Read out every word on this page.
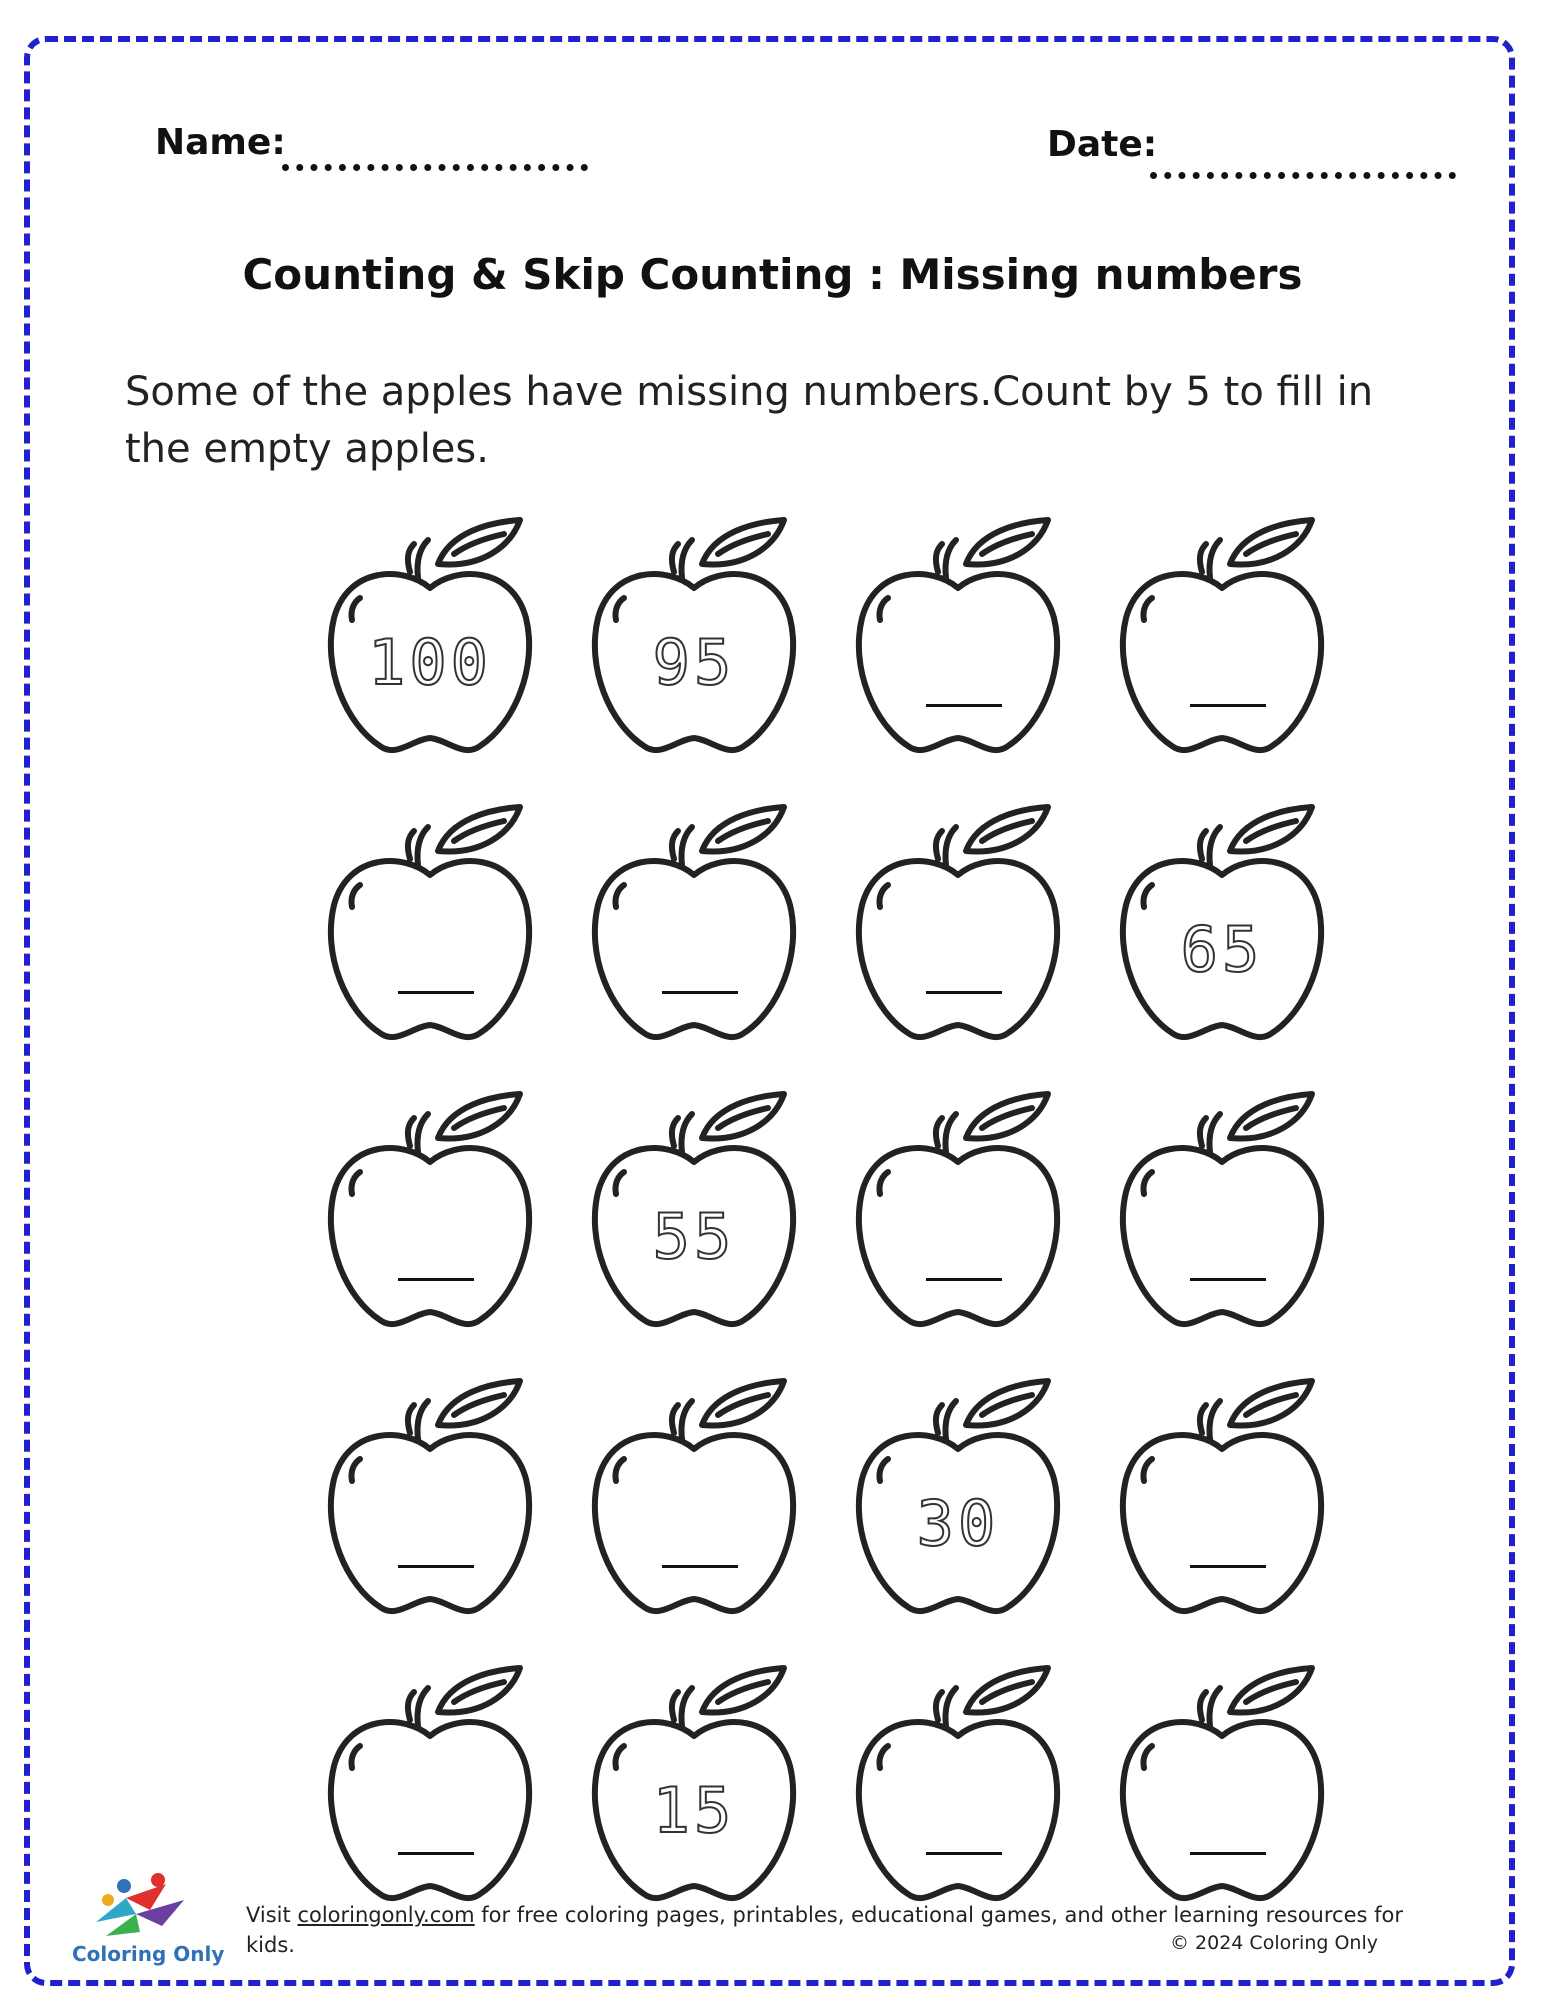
Name:	Date:
Counting & Skip Counting : Missing numbers
Some of the apples have missing numbers.Count by 5 to fill in the empty apples.
100	95
65
55
30
15
Coloring Only
Visit coloringonly.com for free coloring pages, printables, educational games, and other learning resources for kids.	© 2024 Coloring Only
